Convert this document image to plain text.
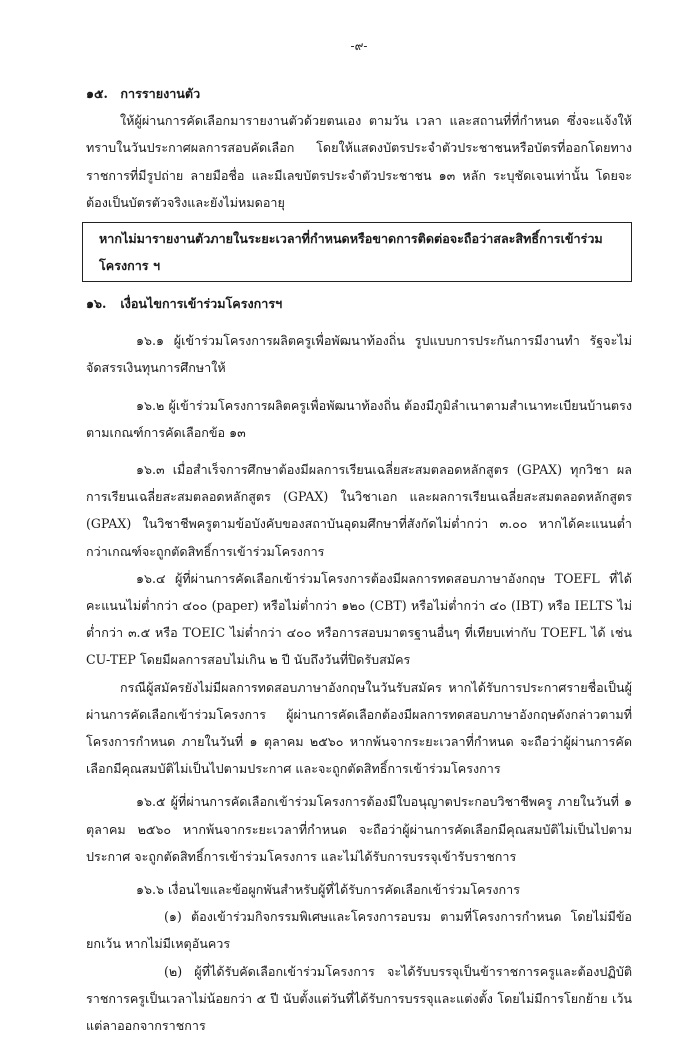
-๙-

๑๕. การรายงานตัว

ให้ผู้ผ่านการคัดเลือกมารายงานตัวด้วยตนเอง ตามวัน เวลา และสถานที่ที่กำหนด ซึ่งจะแจ้งให้ทราบในวันประกาศผลการสอบคัดเลือก โดยให้แสดงบัตรประจำตัวประชาชนหรือบัตรที่ออกโดยทางราชการที่มีรูปถ่าย ลายมือชื่อ และมีเลขบัตรประจำตัวประชาชน ๑๓ หลัก ระบุชัดเจนเท่านั้น โดยจะต้องเป็นบัตรตัวจริงและยังไม่หมดอายุ

หากไม่มารายงานตัวภายในระยะเวลาที่กำหนดหรือขาดการติดต่อจะถือว่าสละสิทธิ์การเข้าร่วมโครงการ ฯ

๑๖. เงื่อนไขการเข้าร่วมโครงการฯ

๑๖.๑ ผู้เข้าร่วมโครงการผลิตครูเพื่อพัฒนาท้องถิ่น รูปแบบการประกันการมีงานทำ รัฐจะไม่จัดสรรเงินทุนการศึกษาให้

๑๖.๒ ผู้เข้าร่วมโครงการผลิตครูเพื่อพัฒนาท้องถิ่น ต้องมีภูมิลำเนาตามสำเนาทะเบียนบ้านตรงตามเกณฑ์การคัดเลือกข้อ ๑๓

๑๖.๓ เมื่อสำเร็จการศึกษาต้องมีผลการเรียนเฉลี่ยสะสมตลอดหลักสูตร (GPAX) ทุกวิชา ผลการเรียนเฉลี่ยสะสมตลอดหลักสูตร (GPAX) ในวิชาเอก และผลการเรียนเฉลี่ยสะสมตลอดหลักสูตร (GPAX) ในวิชาชีพครูตามข้อบังคับของสถาบันอุดมศึกษาที่สังกัดไม่ต่ำกว่า ๓.๐๐ หากได้คะแนนต่ำกว่าเกณฑ์จะถูกตัดสิทธิ์การเข้าร่วมโครงการ

๑๖.๔ ผู้ที่ผ่านการคัดเลือกเข้าร่วมโครงการต้องมีผลการทดสอบภาษาอังกฤษ TOEFL ที่ได้คะแนนไม่ต่ำกว่า ๔๐๐ (paper) หรือไม่ต่ำกว่า ๑๒๐ (CBT) หรือไม่ต่ำกว่า ๔๐ (IBT) หรือ IELTS ไม่ต่ำกว่า ๓.๕ หรือ TOEIC ไม่ต่ำกว่า ๔๐๐ หรือการสอบมาตรฐานอื่นๆ ที่เทียบเท่ากับ TOEFL ได้ เช่น CU-TEP โดยมีผลการสอบไม่เกิน ๒ ปี นับถึงวันที่ปิดรับสมัคร

กรณีผู้สมัครยังไม่มีผลการทดสอบภาษาอังกฤษในวันรับสมัคร หากได้รับการประกาศรายชื่อเป็นผู้ผ่านการคัดเลือกเข้าร่วมโครงการ ผู้ผ่านการคัดเลือกต้องมีผลการทดสอบภาษาอังกฤษดังกล่าวตามที่โครงการกำหนด ภายในวันที่ ๑ ตุลาคม ๒๕๖๐ หากพ้นจากระยะเวลาที่กำหนด จะถือว่าผู้ผ่านการคัดเลือกมีคุณสมบัติไม่เป็นไปตามประกาศ และจะถูกตัดสิทธิ์การเข้าร่วมโครงการ

๑๖.๕ ผู้ที่ผ่านการคัดเลือกเข้าร่วมโครงการต้องมีใบอนุญาตประกอบวิชาชีพครู ภายในวันที่ ๑ ตุลาคม ๒๕๖๐ หากพ้นจากระยะเวลาที่กำหนด จะถือว่าผู้ผ่านการคัดเลือกมีคุณสมบัติไม่เป็นไปตามประกาศ จะถูกตัดสิทธิ์การเข้าร่วมโครงการ และไม่ได้รับการบรรจุเข้ารับราชการ

๑๖.๖ เงื่อนไขและข้อผูกพันสำหรับผู้ที่ได้รับการคัดเลือกเข้าร่วมโครงการ

(๑) ต้องเข้าร่วมกิจกรรมพิเศษและโครงการอบรม ตามที่โครงการกำหนด โดยไม่มีข้อยกเว้น หากไม่มีเหตุอันควร

(๒) ผู้ที่ได้รับคัดเลือกเข้าร่วมโครงการ จะได้รับบรรจุเป็นข้าราชการครูและต้องปฏิบัติราชการครูเป็นเวลาไม่น้อยกว่า ๕ ปี นับตั้งแต่วันที่ได้รับการบรรจุและแต่งตั้ง โดยไม่มีการโยกย้าย เว้นแต่ลาออกจากราชการ
